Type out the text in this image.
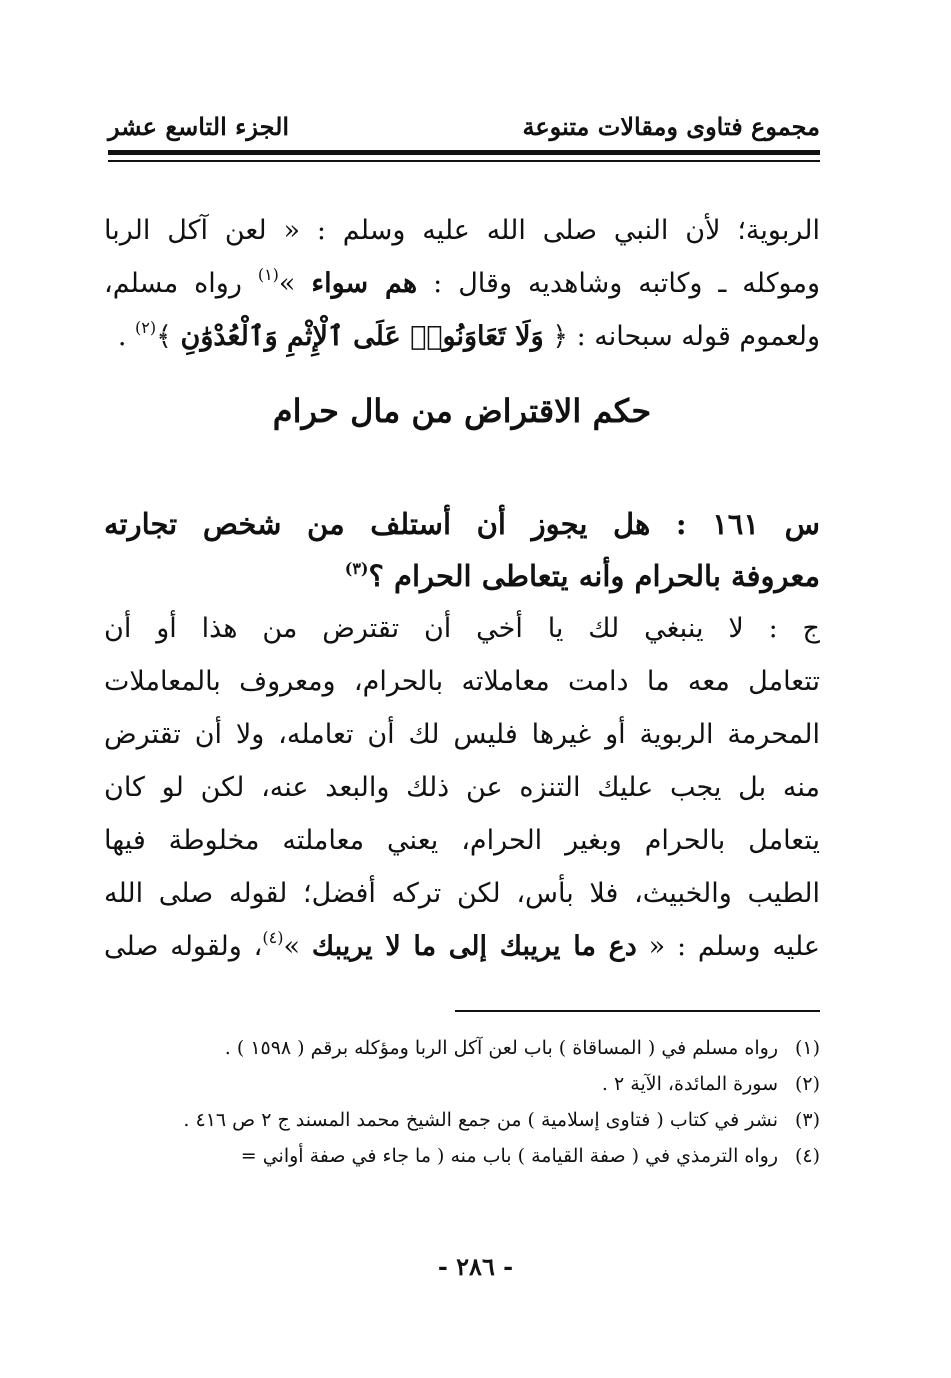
مجموع فتاوى ومقالات متنوعة
الجزء التاسع عشر
الربوية؛ لأن النبي صلى الله عليه وسلم : « لعن آكل الربا
وموكله ـ وكاتبه وشاهديه وقال : هم سواء »$^{(١)}$ رواه مسلم،
ولعموم قوله سبحانه : ﴿ وَلَا تَعَاوَنُوا۟ عَلَى ٱلْإِثْمِ وَٱلْعُدْوَٰنِ ﴾$^{(٢)}$ .
حكم الاقتراض من مال حرام
س ١٦١ : هل يجوز أن أستلف من شخص تجارته
معروفة بالحرام وأنه يتعاطى الحرام ؟$^{(٣)}$
ج : لا ينبغي لك يا أخي أن تقترض من هذا أو أن
تتعامل معه ما دامت معاملاته بالحرام، ومعروف بالمعاملات
المحرمة الربوية أو غيرها فليس لك أن تعامله، ولا أن تقترض
منه بل يجب عليك التنزه عن ذلك والبعد عنه، لكن لو كان
يتعامل بالحرام وبغير الحرام، يعني معاملته مخلوطة فيها
الطيب والخبيث، فلا بأس، لكن تركه أفضل؛ لقوله صلى الله
عليه وسلم : « دع ما يريبك إلى ما لا يريبك »$^{(٤)}$، ولقوله صلى
(١)
رواه مسلم في ( المساقاة ) باب لعن آكل الربا ومؤكله برقم ( ١٥٩٨ ) .
(٢)
سورة المائدة، الآية ٢ .
(٣)
نشر في كتاب ( فتاوى إسلامية ) من جمع الشيخ محمد المسند ج ٢ ص ٤١٦ .
(٤)
رواه الترمذي في ( صفة القيامة ) باب منه ( ما جاء في صفة أواني =
- ٢٨٦ -
